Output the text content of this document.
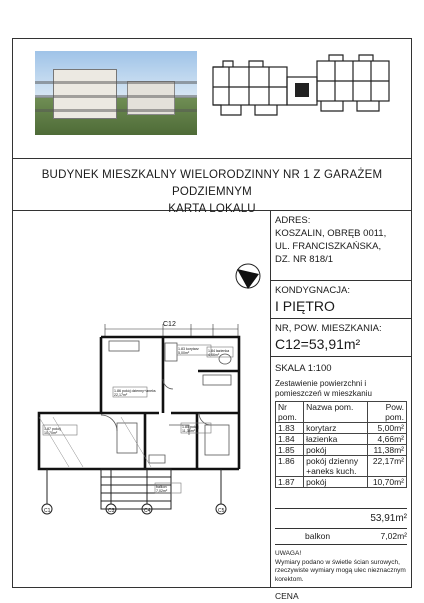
BUDYNEK MIESZKALNY WIELORODZINNY NR 1 Z GARAŻEM PODZIEMNYM
KARTA LOKALU
C12
C1	C3	C4	C5
1.87 pokój
10,70m²
1.86 pokój dzienny+aneks
22,17m²
1.83 korytarz
5,00m²	1.84 łazienka
4,66m²
1.85 pokój
11,38m²
balkon
7,02m²
ADRES:
KOSZALIN, OBRĘB 0011,
UL. FRANCISZKAŃSKA,
DZ. NR 818/1
KONDYGNACJA:
I PIĘTRO
NR, POW. MIESZKANIA:
C12=53,91m²
SKALA 1:100
Zestawienie powierzchni i pomieszczeń w mieszkaniu
Nr pom.	Nazwa pom.	Pow. pom.
1.83	korytarz	5,00m²
1.84	łazienka	4,66m²
1.85	pokój	11,38m²
1.86	pokój dzienny +aneks kuch.	22,17m²
1.87	pokój	10,70m²
53,91m²
balkon	7,02m²
UWAGA!
Wymiary podano w świetle ścian surowych, rzeczywiste wymiary mogą ulec nieznacznym korektom.
CENA
